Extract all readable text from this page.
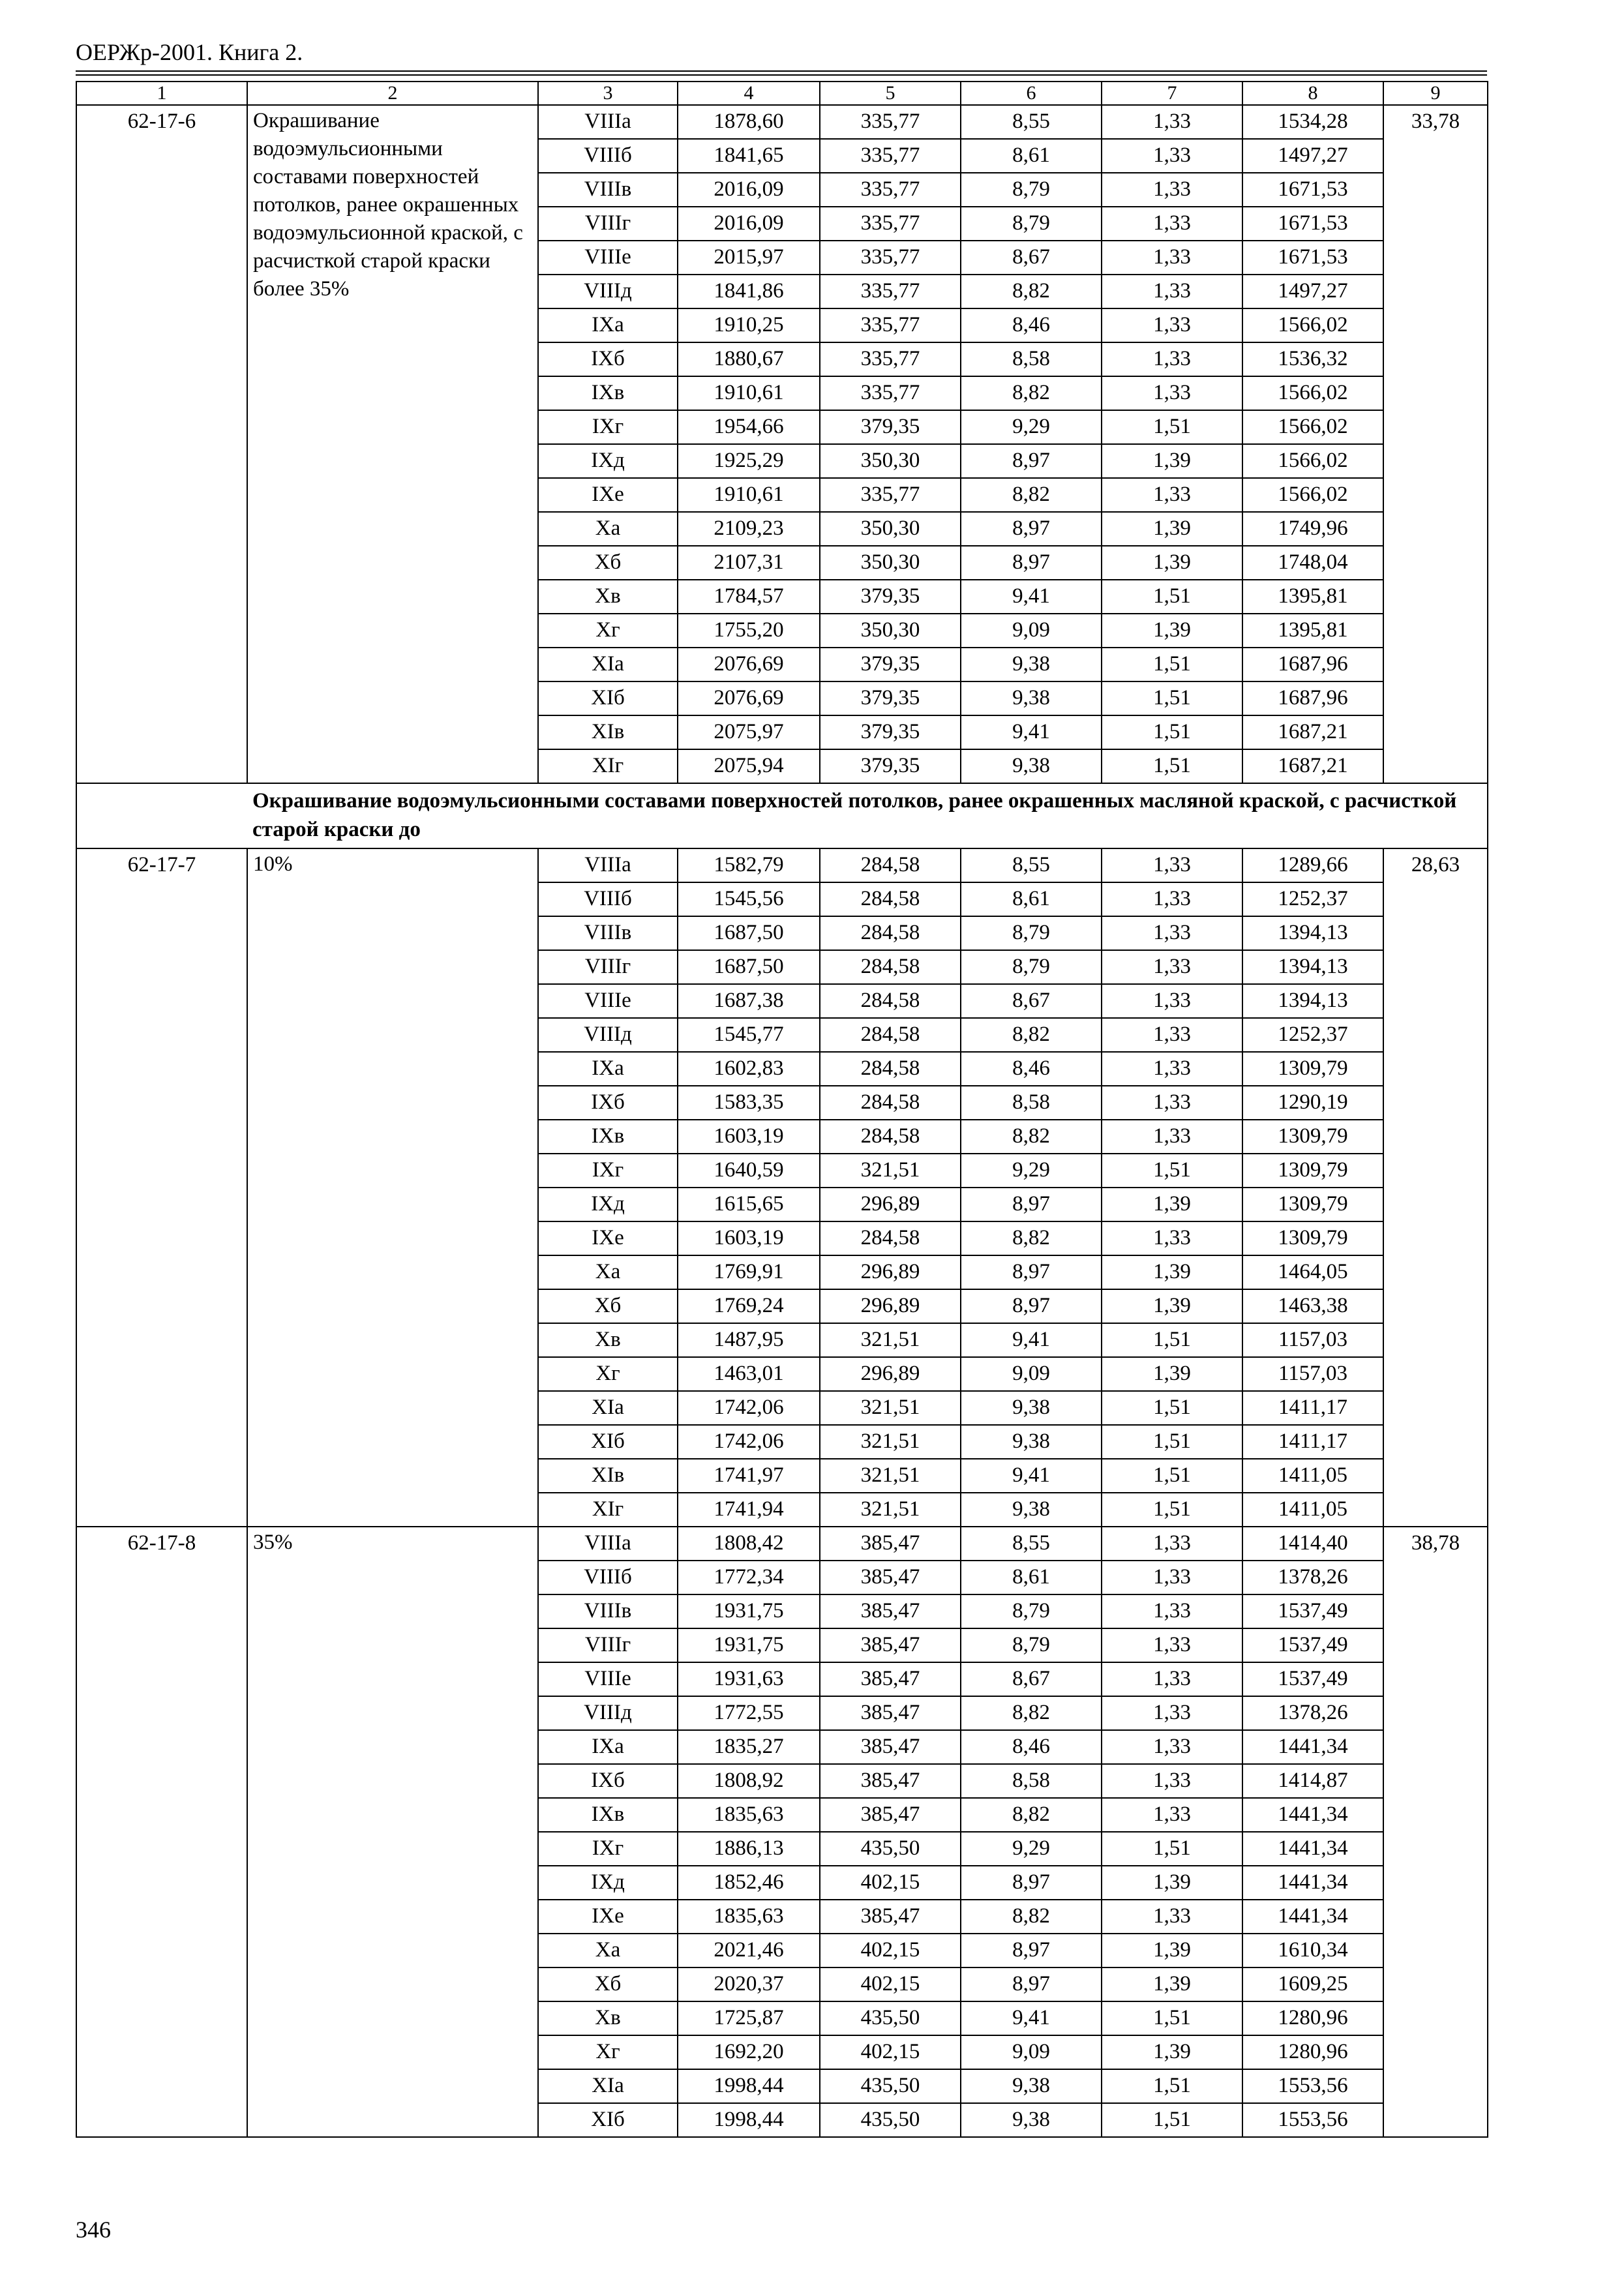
ОЕРЖр-2001. Книга 2.
1	2	3	4	5	6	7	8	9
62-17-6	Окрашивание водоэмульсионными составами поверхностей потолков, ранее окрашенных водоэмульсионной краской, с расчисткой старой краски более 35%	VIIIа	1878,60	335,77	8,55	1,33	1534,28	33,78
		VIIIб	1841,65	335,77	8,61	1,33	1497,27	
		VIIIв	2016,09	335,77	8,79	1,33	1671,53	
		VIIIг	2016,09	335,77	8,79	1,33	1671,53	
		VIIIе	2015,97	335,77	8,67	1,33	1671,53	
		VIIIд	1841,86	335,77	8,82	1,33	1497,27	
		IXа	1910,25	335,77	8,46	1,33	1566,02	
		IXб	1880,67	335,77	8,58	1,33	1536,32	
		IXв	1910,61	335,77	8,82	1,33	1566,02	
		IXг	1954,66	379,35	9,29	1,51	1566,02	
		IXд	1925,29	350,30	8,97	1,39	1566,02	
		IXе	1910,61	335,77	8,82	1,33	1566,02	
		Xа	2109,23	350,30	8,97	1,39	1749,96	
		Xб	2107,31	350,30	8,97	1,39	1748,04	
		Xв	1784,57	379,35	9,41	1,51	1395,81	
		Xг	1755,20	350,30	9,09	1,39	1395,81	
		XIа	2076,69	379,35	9,38	1,51	1687,96	
		XIб	2076,69	379,35	9,38	1,51	1687,96	
		XIв	2075,97	379,35	9,41	1,51	1687,21	
		XIг	2075,94	379,35	9,38	1,51	1687,21	
	Окрашивание водоэмульсионными составами поверхностей потолков, ранее окрашенных масляной краской, с расчисткой старой краски до							
62-17-7	10%	VIIIа	1582,79	284,58	8,55	1,33	1289,66	28,63
		VIIIб	1545,56	284,58	8,61	1,33	1252,37	
		VIIIв	1687,50	284,58	8,79	1,33	1394,13	
		VIIIг	1687,50	284,58	8,79	1,33	1394,13	
		VIIIе	1687,38	284,58	8,67	1,33	1394,13	
		VIIIд	1545,77	284,58	8,82	1,33	1252,37	
		IXа	1602,83	284,58	8,46	1,33	1309,79	
		IXб	1583,35	284,58	8,58	1,33	1290,19	
		IXв	1603,19	284,58	8,82	1,33	1309,79	
		IXг	1640,59	321,51	9,29	1,51	1309,79	
		IXд	1615,65	296,89	8,97	1,39	1309,79	
		IXе	1603,19	284,58	8,82	1,33	1309,79	
		Xа	1769,91	296,89	8,97	1,39	1464,05	
		Xб	1769,24	296,89	8,97	1,39	1463,38	
		Xв	1487,95	321,51	9,41	1,51	1157,03	
		Xг	1463,01	296,89	9,09	1,39	1157,03	
		XIа	1742,06	321,51	9,38	1,51	1411,17	
		XIб	1742,06	321,51	9,38	1,51	1411,17	
		XIв	1741,97	321,51	9,41	1,51	1411,05	
		XIг	1741,94	321,51	9,38	1,51	1411,05	
62-17-8	35%	VIIIа	1808,42	385,47	8,55	1,33	1414,40	38,78
		VIIIб	1772,34	385,47	8,61	1,33	1378,26	
		VIIIв	1931,75	385,47	8,79	1,33	1537,49	
		VIIIг	1931,75	385,47	8,79	1,33	1537,49	
		VIIIе	1931,63	385,47	8,67	1,33	1537,49	
		VIIIд	1772,55	385,47	8,82	1,33	1378,26	
		IXа	1835,27	385,47	8,46	1,33	1441,34	
		IXб	1808,92	385,47	8,58	1,33	1414,87	
		IXв	1835,63	385,47	8,82	1,33	1441,34	
		IXг	1886,13	435,50	9,29	1,51	1441,34	
		IXд	1852,46	402,15	8,97	1,39	1441,34	
		IXе	1835,63	385,47	8,82	1,33	1441,34	
		Xа	2021,46	402,15	8,97	1,39	1610,34	
		Xб	2020,37	402,15	8,97	1,39	1609,25	
		Xв	1725,87	435,50	9,41	1,51	1280,96	
		Xг	1692,20	402,15	9,09	1,39	1280,96	
		XIа	1998,44	435,50	9,38	1,51	1553,56	
		XIб	1998,44	435,50	9,38	1,51	1553,56	
346
